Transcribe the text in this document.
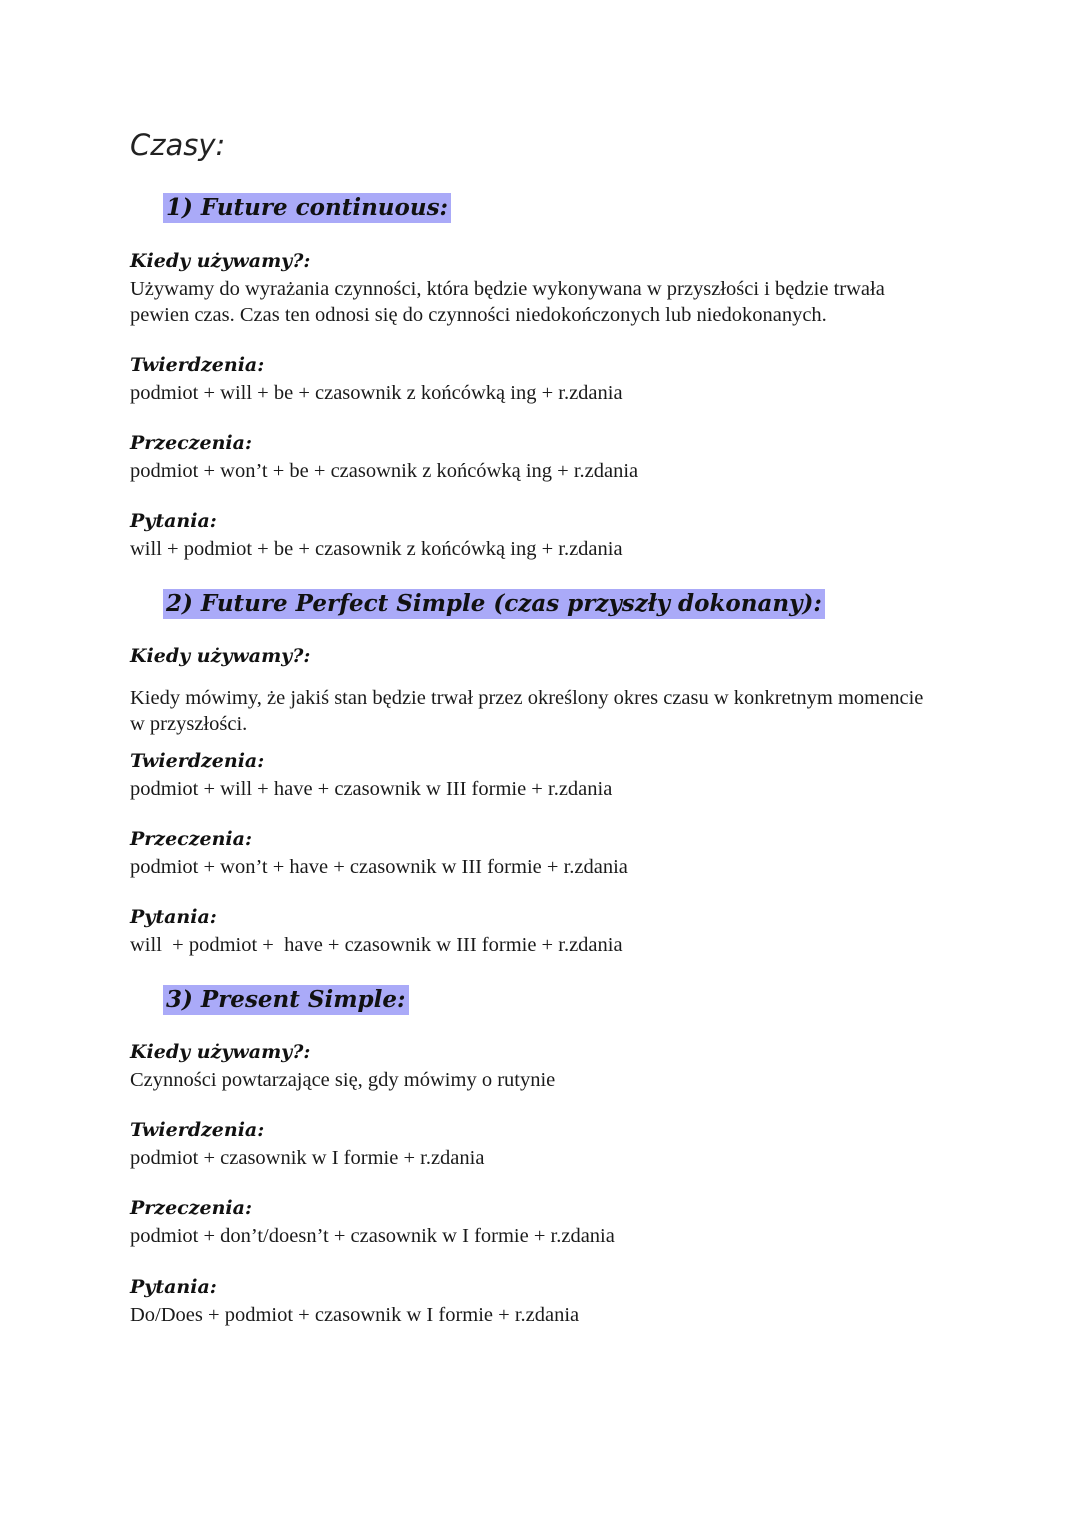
Czasy:
1) Future continuous:
Kiedy używamy?:
Używamy do wyrażania czynności, która będzie wykonywana w przyszłości i będzie trwała pewien czas. Czas ten odnosi się do czynności niedokończonych lub niedokonanych.
Twierdzenia:
podmiot + will + be + czasownik z końcówką ing + r.zdania
Przeczenia:
podmiot + won’t + be + czasownik z końcówką ing + r.zdania
Pytania:
will + podmiot + be + czasownik z końcówką ing + r.zdania
2) Future Perfect Simple (czas przyszły dokonany):
Kiedy używamy?:
Kiedy mówimy, że jakiś stan będzie trwał przez określony okres czasu w konkretnym momencie w przyszłości.
Twierdzenia:
podmiot + will + have + czasownik w III formie + r.zdania
Przeczenia:
podmiot + won’t + have + czasownik w III formie + r.zdania
Pytania:
will  + podmiot +  have + czasownik w III formie + r.zdania
3) Present Simple:
Kiedy używamy?:
Czynności powtarzające się, gdy mówimy o rutynie
Twierdzenia:
podmiot + czasownik w I formie + r.zdania
Przeczenia:
podmiot + don’t/doesn’t + czasownik w I formie + r.zdania
Pytania:
Do/Does + podmiot + czasownik w I formie + r.zdania
